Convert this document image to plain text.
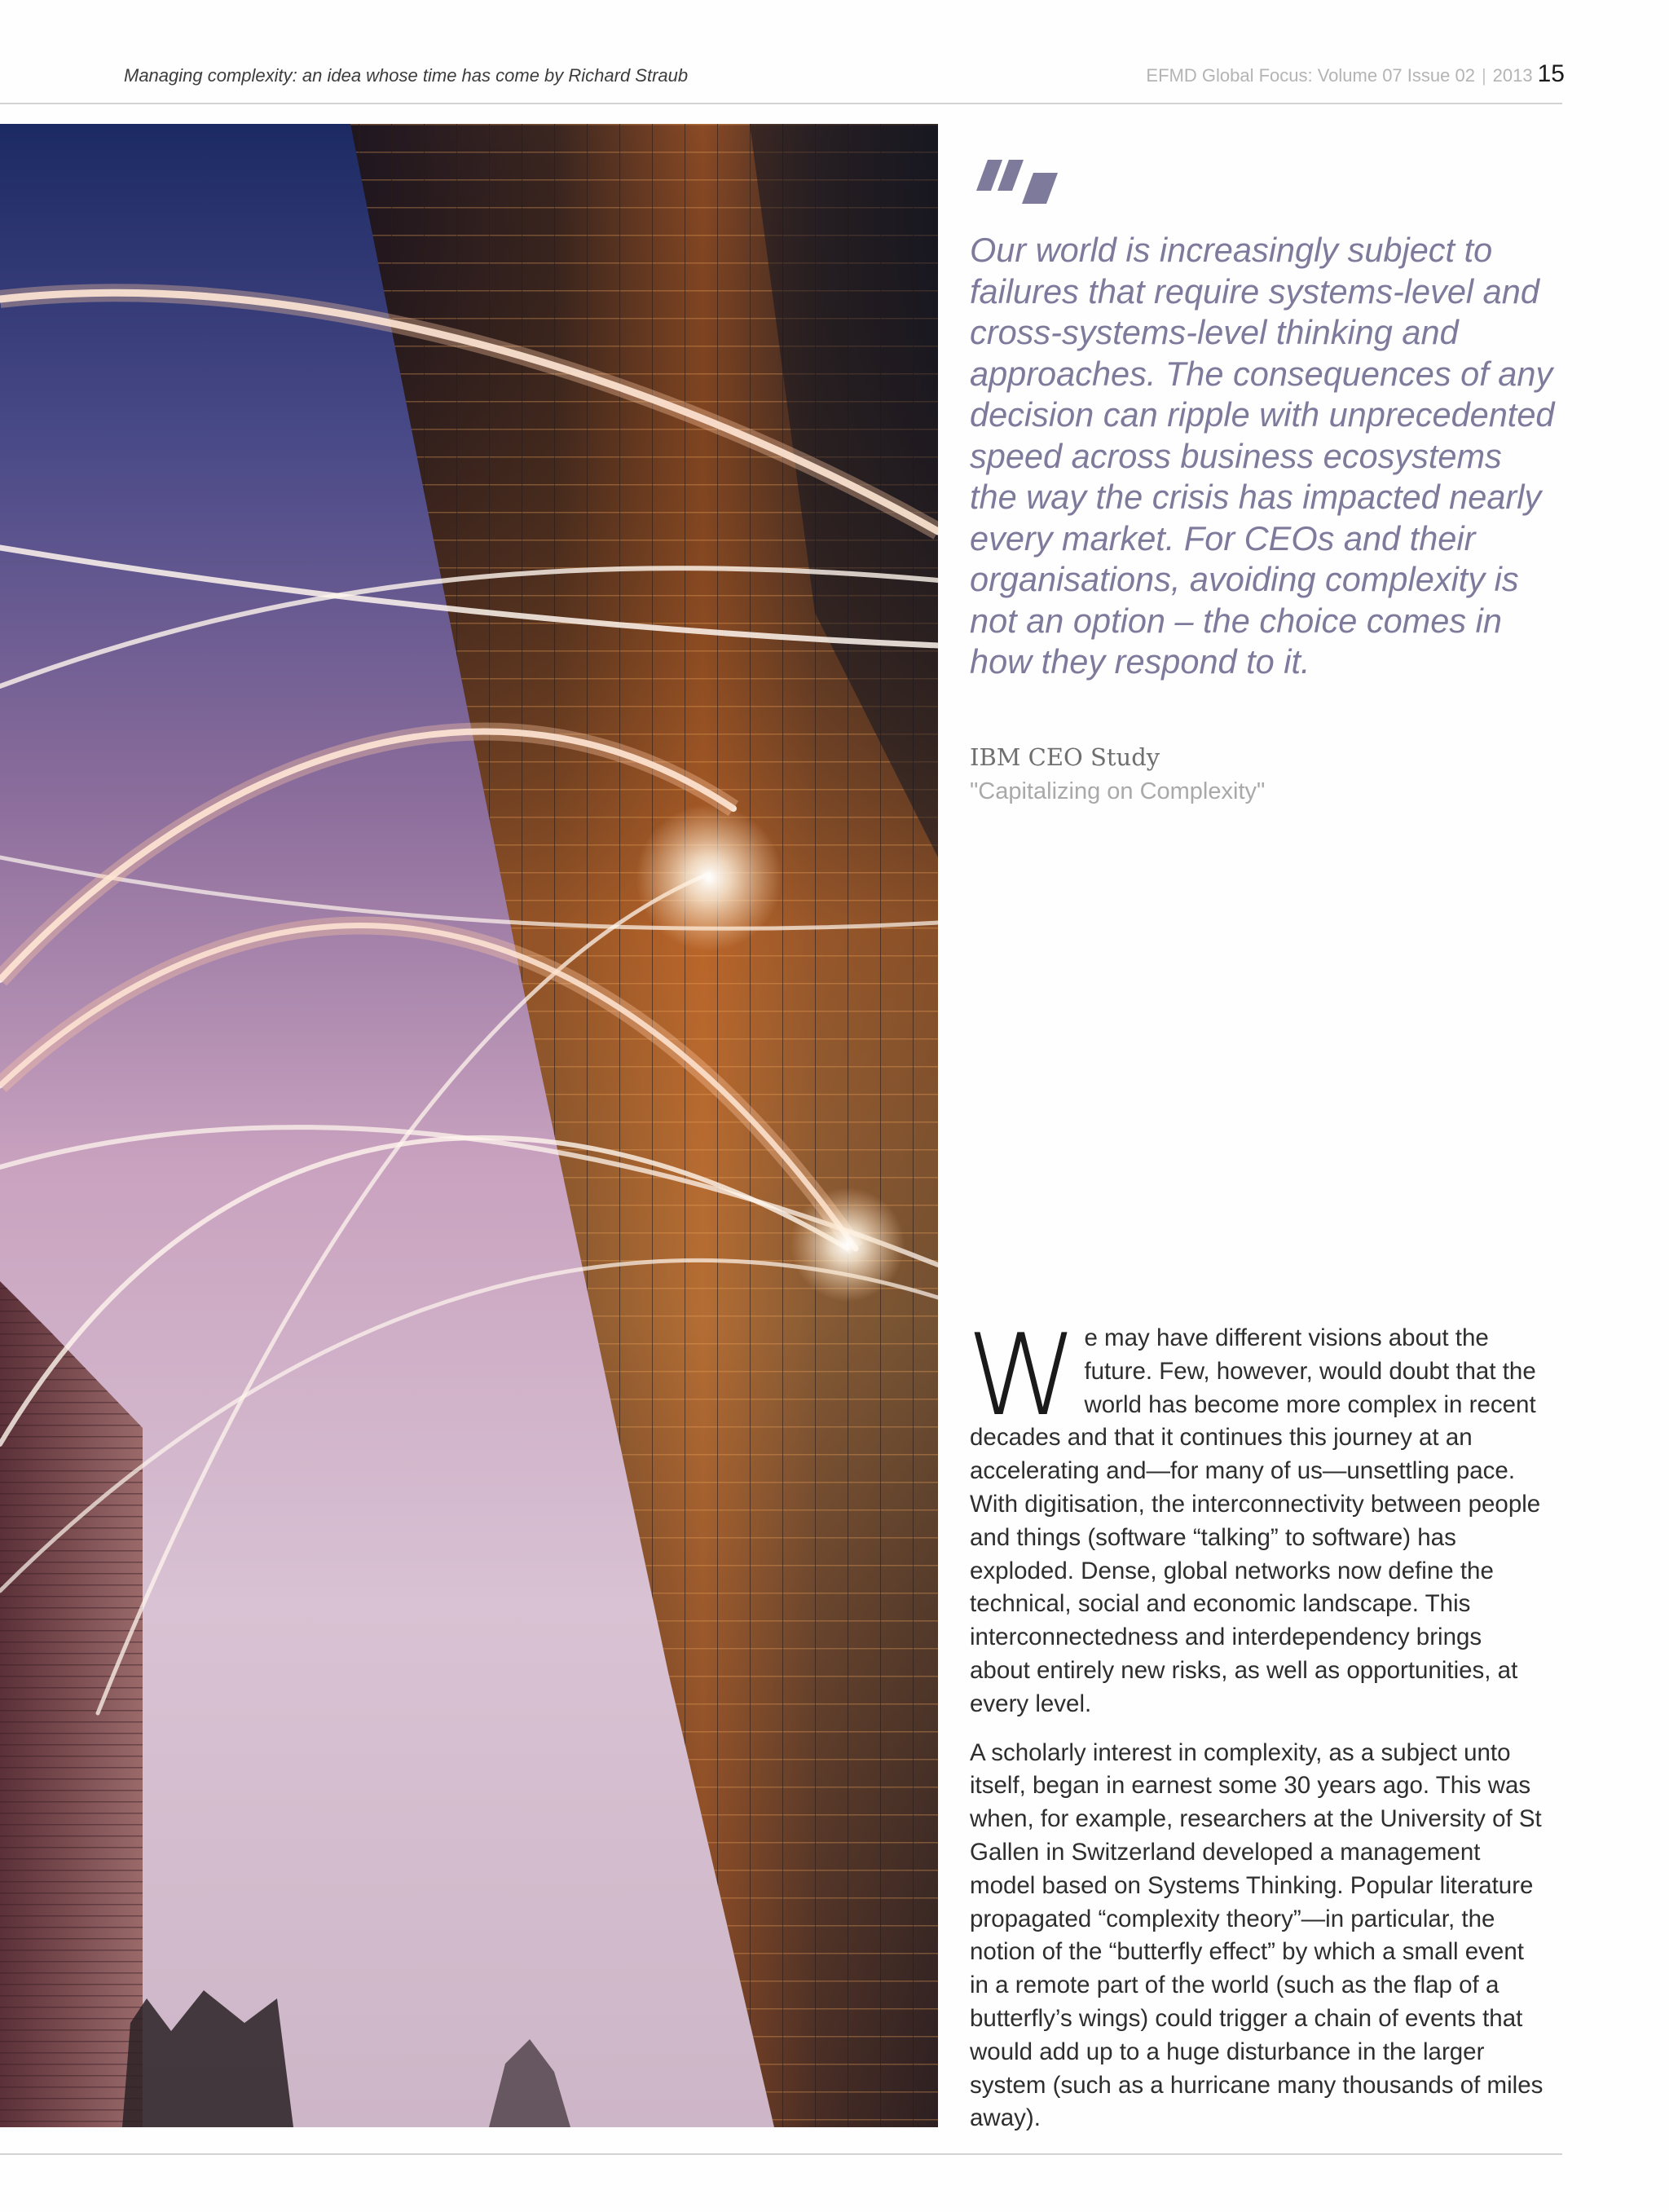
Managing complexity: an idea whose time has come by Richard Straub	EFMD Global Focus: Volume 07 Issue 02 | 2013 15

Our world is increasingly subject to failures that require systems-level and cross-systems-level thinking and approaches. The consequences of any decision can ripple with unprecedented speed across business ecosystems the way the crisis has impacted nearly every market. For CEOs and their organisations, avoiding complexity is not an option – the choice comes in how they respond to it.

IBM CEO Study
"Capitalizing on Complexity"

We may have different visions about the future. Few, however, would doubt that the world has become more complex in recent decades and that it continues this journey at an accelerating and—for many of us—unsettling pace. With digitisation, the interconnectivity between people and things (software “talking” to software) has exploded. Dense, global networks now define the technical, social and economic landscape. This interconnectedness and interdependency brings about entirely new risks, as well as opportunities, at every level.

A scholarly interest in complexity, as a subject unto itself, began in earnest some 30 years ago. This was when, for example, researchers at the University of St Gallen in Switzerland developed a management model based on Systems Thinking. Popular literature propagated “complexity theory”—in particular, the notion of the “butterfly effect” by which a small event in a remote part of the world (such as the flap of a butterfly’s wings) could trigger a chain of events that would add up to a huge disturbance in the larger system (such as a hurricane many thousands of miles away).
